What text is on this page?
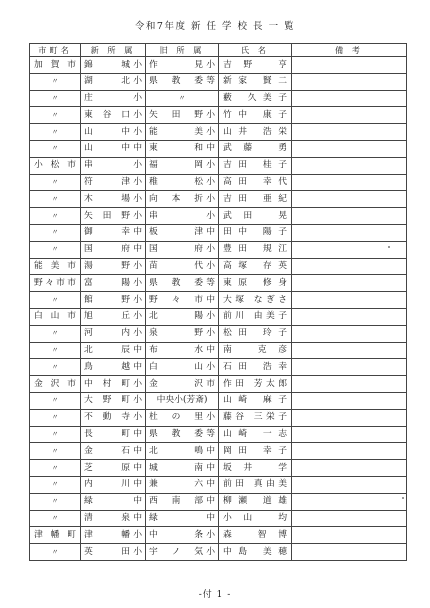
令和7年度 新 任 学 校 長 一 覧
市町名	新 所 属	旧 所 属	氏 名	備 考

加賀市	錦城 小	作見 小	吉野 亨	

〃	湖北 小	県教委 等	新家 賢二	

〃	庄 小	〃	藪 久美子	

〃	東谷口 小	矢田野 小	竹中 康子	

〃	山中 小	能美 小	山井 浩栄	

〃	山中 中	東和 中	武藤 勇	

小松市	串 小	福岡 小	吉田 桂子	

〃	符津 小	稚松 小	高田 幸代	

〃	木場 小	向本折 小	吉田 亜紀	

〃	矢田野 小	串 小	武田 晃	

〃	御幸 中	板津 中	田中 陽子	

〃	国府 中	国府 小	豊田 規江	

能美市	湯野 小	苗代 小	高塚 存英	

野々市市	富陽 小	県教委 等	東原 修身	

〃	館野 小	野々市 中	大塚 なぎさ	

白山市	旭丘 小	北陽 小	前川 由美子	

〃	河内 小	泉野 小	松田 玲子	

〃	北辰 中	布水 中	南 克彦	

〃	鳥越 中	白山 小	石田 浩幸	

金沢市	中村町 小	金沢 市	作田 芳太郎	

〃	大野町 小	中央小(芳斎)	山崎 麻子	

〃	不動寺 小	杜の里 小	藤谷 三栄子	

〃	長町 中	県教委 等	山崎 一志	

〃	金石 中	北鳴 中	岡田 幸子	

〃	芝原 中	城南 中	坂井 学	

〃	内川 中	兼六 中	前田 真由美	

〃	緑 中	西南部 中	柳瀬 道雄	

〃	清泉 中	緑 中	小山 均	

津幡町	津幡 小	中条 小	森 智博	

〃	英田 小	宇ノ気 小	中島 美穂	

-付 1 -
